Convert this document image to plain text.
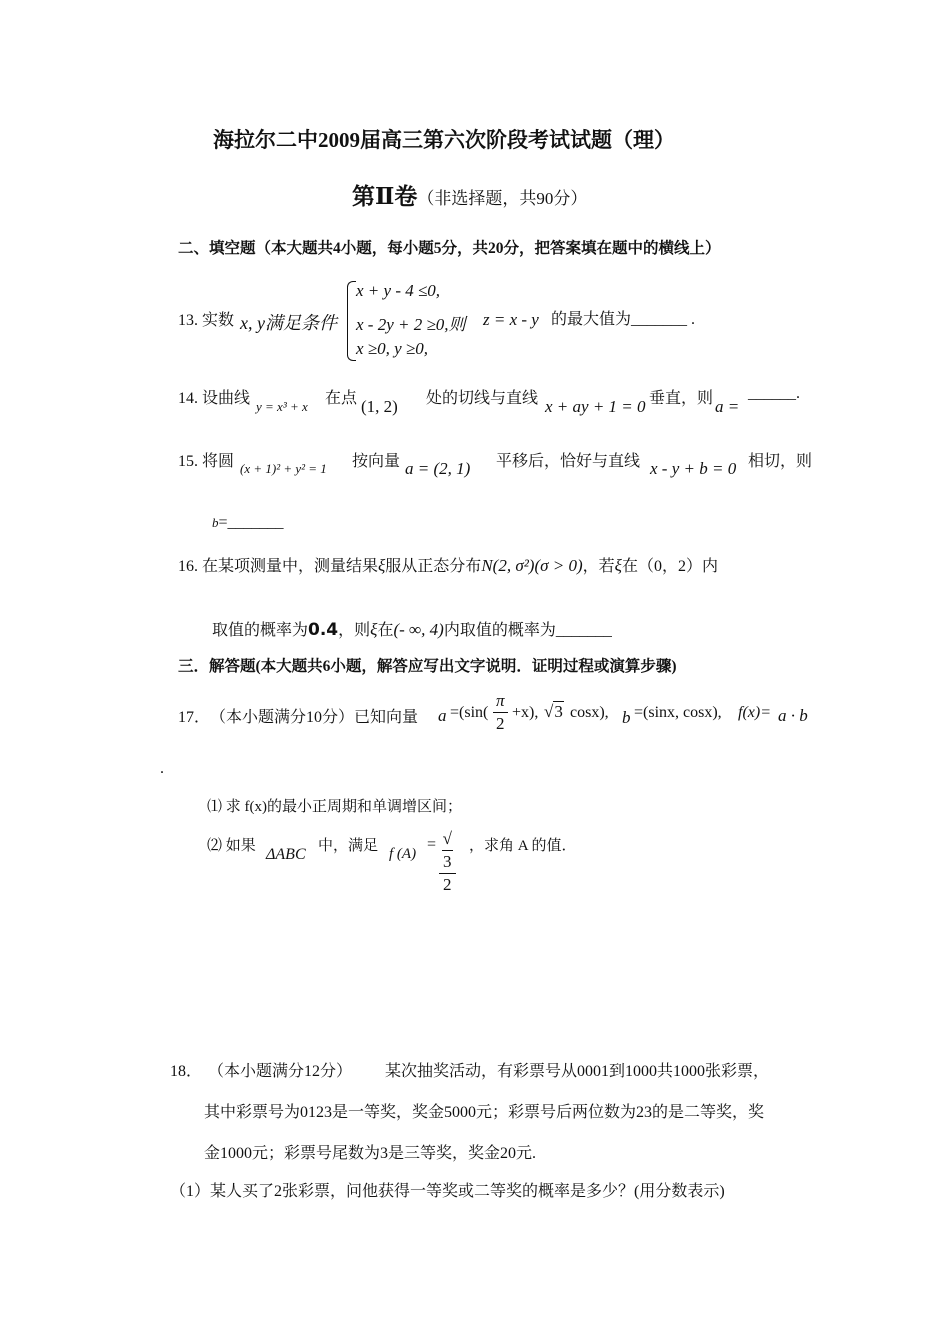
海拉尔二中2009届高三第六次阶段考试试题（理）
第Ⅱ卷（非选择题，共90分）
二、填空题（本大题共4小题，每小题5分，共20分，把答案填在题中的横线上）
13. 实数 x, y满足条件
x + y - 4 ≤0,
x - 2y + 2 ≥0,则 z = x - y
x ≥0, y ≥0,
的最大值为_______ .
14. 设曲线 y = x³ + x 在点 (1, 2) 处的切线与直线 x + ay + 1 = 0 垂直，则 a =
______.
15. 将圆 (x + 1)² + y² = 1 按向量 a = (2, 1) 平移后，恰好与直线 x - y + b = 0 相切，则
b=_______
16. 在某项测量中，测量结果ξ服从正态分布N(2, σ²)(σ > 0)，若ξ在（0，2）内
取值的概率为0.4，则ξ在(- ∞, 4)内取值的概率为_______
三．解答题(本大题共6小题，解答应写出文字说明．证明过程或演算步骤)
17． （本小题满分10分）已知向量 $a =(\sin( \frac{\pi}{2} +x)$, √3 cosx), b =(sinx, cosx), f(x)= a · b
.
⑴ 求 f(x)的最小正周期和单调增区间；
⑵ 如果 ΔABC 中，满足 f (A)
= √
3
2 ，求角 A 的值．
18． （本小题满分12分） 某次抽奖活动，有彩票号从0001到1000共1000张彩票，
其中彩票号为0123是一等奖，奖金5000元；彩票号后两位数为23的是二等奖，奖
金1000元；彩票号尾数为3是三等奖，奖金20元.
（1）某人买了2张彩票，问他获得一等奖或二等奖的概率是多少？(用分数表示)
